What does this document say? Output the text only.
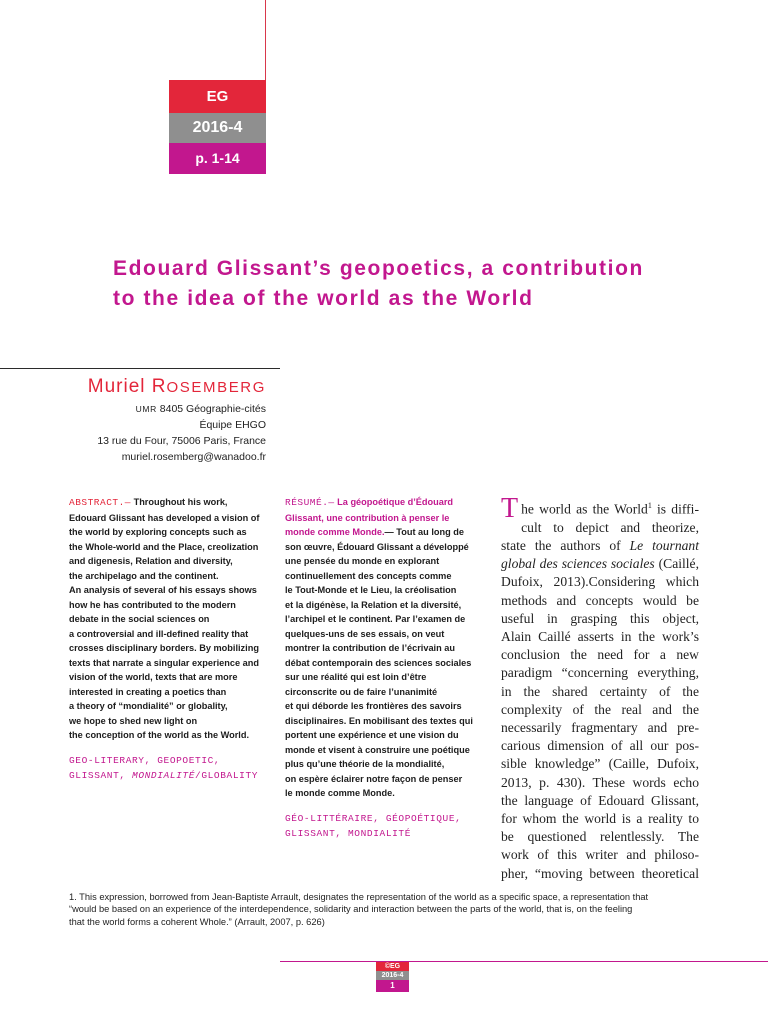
EG
2016-4
p. 1-14
Edouard Glissant’s geopoetics, a contribution
to the idea of the world as the World
Muriel ROSEMBERG
UMR 8405 Géographie-cités
Équipe EHGO
13 rue du Four, 75006 Paris, France
muriel.rosemberg@wanadoo.fr
ABSTRACT.— Throughout his work,
Edouard Glissant has developed a vision of
the world by exploring concepts such as
the Whole-world and the Place, creolization
and digenesis, Relation and diversity,
the archipelago and the continent.
An analysis of several of his essays shows
how he has contributed to the modern
debate in the social sciences on
a controversial and ill-defined reality that
crosses disciplinary borders. By mobilizing
texts that narrate a singular experience and
vision of the world, texts that are more
interested in creating a poetics than
a theory of “mondialité” or globality,
we hope to shed new light on
the conception of the world as the World.
GEO-LITERARY, GEOPOETIC,
GLISSANT, MONDIALITÉ/GLOBALITY
RÉSUMÉ.— La géopoétique d’Édouard
Glissant, une contribution à penser le
monde comme Monde.— Tout au long de
son œuvre, Édouard Glissant a développé
une pensée du monde en explorant
continuellement des concepts comme
le Tout-Monde et le Lieu, la créolisation
et la digénèse, la Relation et la diversité,
l’archipel et le continent. Par l’examen de
quelques-uns de ses essais, on veut
montrer la contribution de l’écrivain au
débat contemporain des sciences sociales
sur une réalité qui est loin d’être
circonscrite ou de faire l’unanimité
et qui déborde les frontières des savoirs
disciplinaires. En mobilisant des textes qui
portent une expérience et une vision du
monde et visent à construire une poétique
plus qu’une théorie de la mondialité,
on espère éclairer notre façon de penser
le monde comme Monde.
GÉO-LITTÉRAIRE, GÉOPOÉTIQUE,
GLISSANT, MONDIALITÉ
T he world as the World$^1$ is diffi-
cult to depict and theorize,
state the authors of Le tournant
global des sciences sociales (Caillé,
Dufoix, 2013).Considering which
methods and concepts would be
useful in grasping this object,
Alain Caillé asserts in the work’s
conclusion the need for a new
paradigm “concerning everything,
in the shared certainty of the
complexity of the real and the
necessarily fragmentary and pre-
carious dimension of all our pos-
sible knowledge” (Caille, Dufoix,
2013, p. 430). These words echo
the language of Edouard Glissant,
for whom the world is a reality to
be questioned relentlessly. The
work of this writer and philoso-
pher, “moving between theoretical
1. This expression, borrowed from Jean-Baptiste Arrault, designates the representation of the world as a specific space, a representation that
“would be based on an experience of the interdependence, solidarity and interaction between the parts of the world, that is, on the feeling
that the world forms a coherent Whole.” (Arrault, 2007, p. 626)
©EG
2016-4
1
